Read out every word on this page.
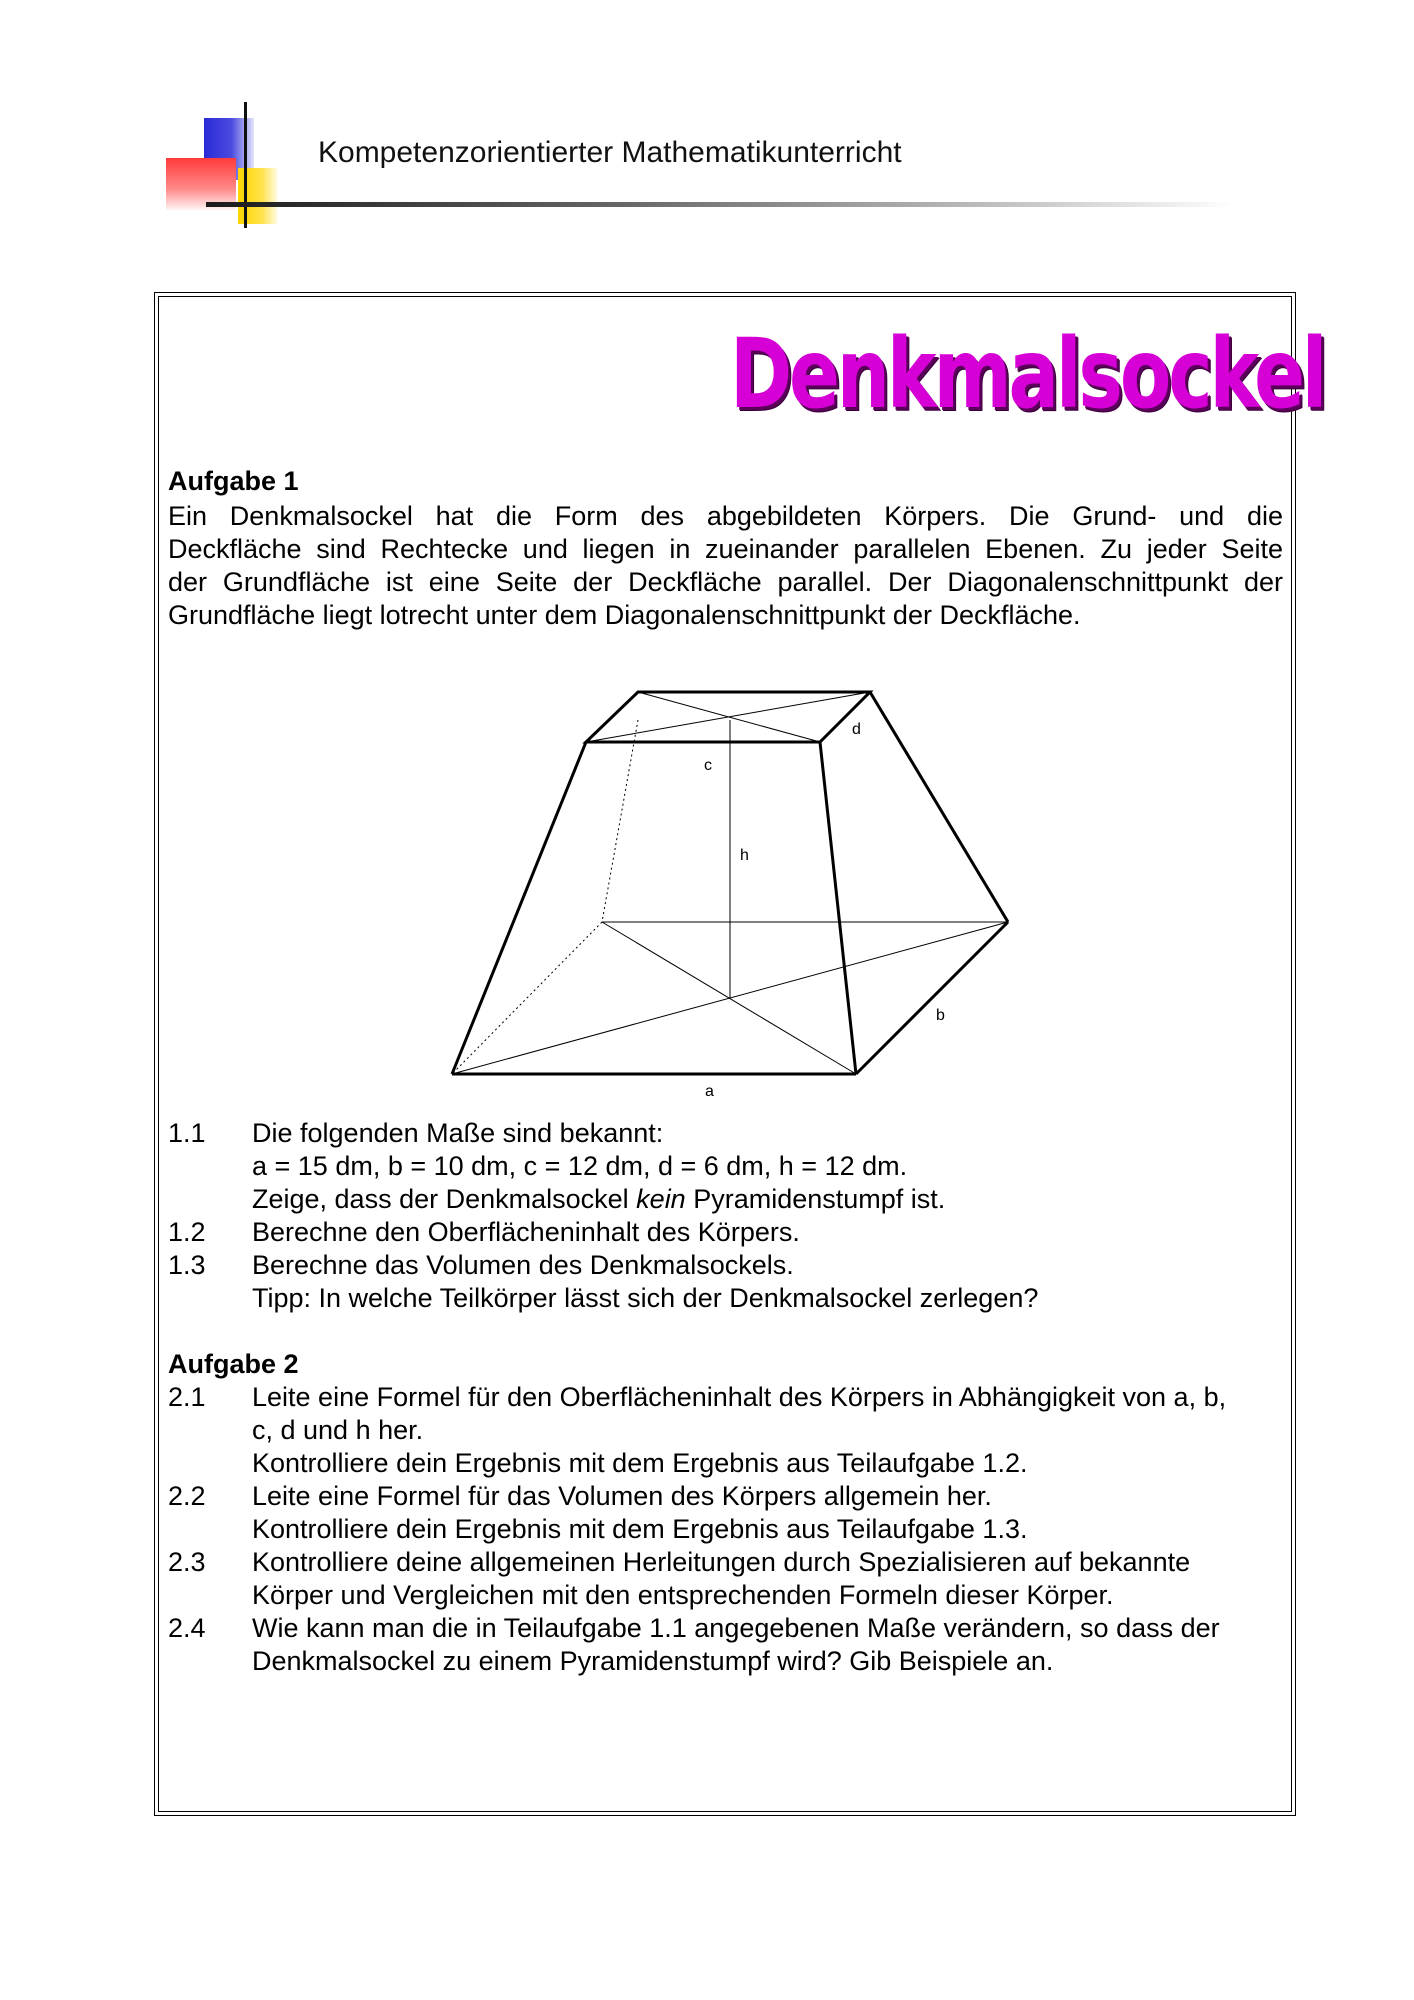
Kompetenzorientierter Mathematikunterricht
Denkmalsockel
Aufgabe 1
Ein Denkmalsockel hat die Form des abgebildeten Körpers. Die Grund- und die
Deckfläche sind Rechtecke und liegen in zueinander parallelen Ebenen. Zu jeder Seite
der Grundfläche ist eine Seite der Deckfläche parallel. Der Diagonalenschnittpunkt der
Grundfläche liegt lotrecht unter dem Diagonalenschnittpunkt der Deckfläche.
a
b
c
d
h
1.1 Die folgenden Maße sind bekannt:
a = 15 dm, b = 10 dm, c = 12 dm, d = 6 dm, h = 12 dm.
Zeige, dass der Denkmalsockel kein Pyramidenstumpf ist.
1.2 Berechne den Oberflächeninhalt des Körpers.
1.3 Berechne das Volumen des Denkmalsockels.
Tipp: In welche Teilkörper lässt sich der Denkmalsockel zerlegen?
Aufgabe 2
2.1 Leite eine Formel für den Oberflächeninhalt des Körpers in Abhängigkeit von a, b,
c, d und h her.
Kontrolliere dein Ergebnis mit dem Ergebnis aus Teilaufgabe 1.2.
2.2 Leite eine Formel für das Volumen des Körpers allgemein her.
Kontrolliere dein Ergebnis mit dem Ergebnis aus Teilaufgabe 1.3.
2.3 Kontrolliere deine allgemeinen Herleitungen durch Spezialisieren auf bekannte
Körper und Vergleichen mit den entsprechenden Formeln dieser Körper.
2.4 Wie kann man die in Teilaufgabe 1.1 angegebenen Maße verändern, so dass der
Denkmalsockel zu einem Pyramidenstumpf wird? Gib Beispiele an.
